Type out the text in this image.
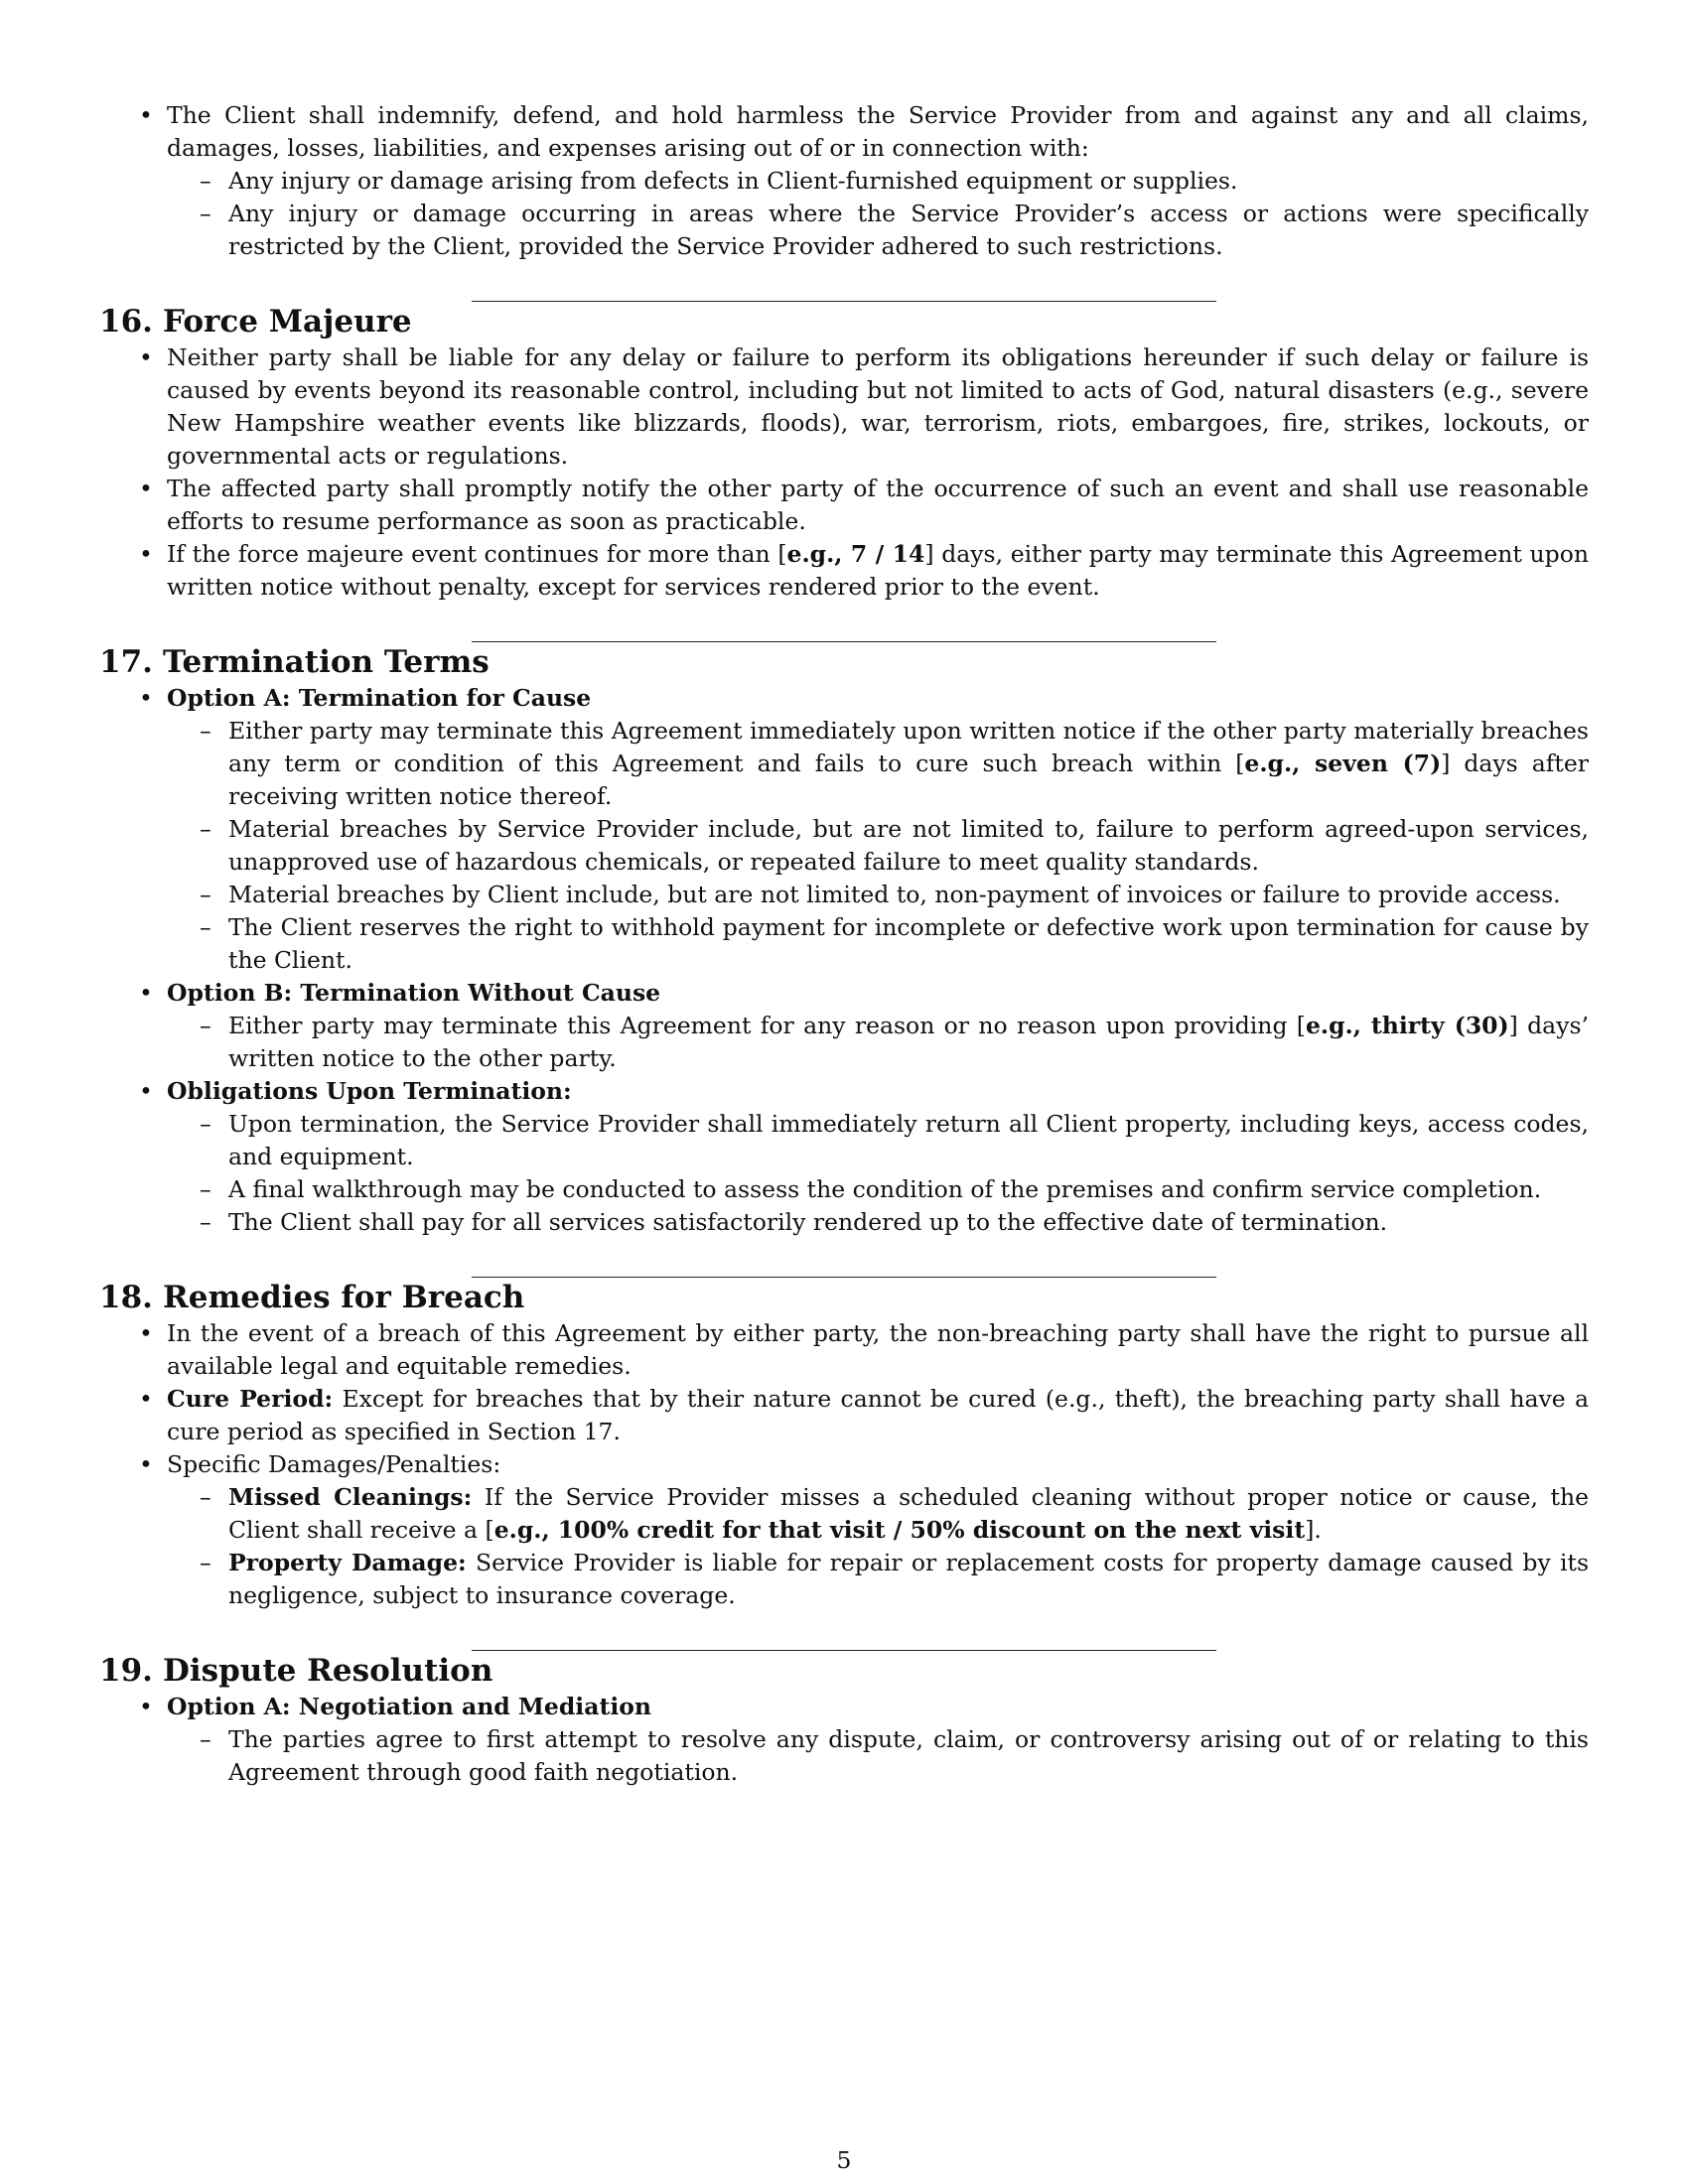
• The Client shall indemnify, defend, and hold harmless the Service Provider from and against any and all claims, damages, losses, liabilities, and expenses arising out of or in connection with:

– Any injury or damage arising from defects in Client-furnished equipment or supplies.

– Any injury or damage occurring in areas where the Service Provider’s access or actions were specifically restricted by the Client, provided the Service Provider adhered to such restrictions.

16. Force Majeure
• Neither party shall be liable for any delay or failure to perform its obligations hereunder if such delay or failure is caused by events beyond its reasonable control, including but not limited to acts of God, natural disasters (e.g., severe New Hampshire weather events like blizzards, floods), war, terrorism, riots, embargoes, fire, strikes, lockouts, or governmental acts or regulations.

• The affected party shall promptly notify the other party of the occurrence of such an event and shall use reasonable efforts to resume performance as soon as practicable.

• If the force majeure event continues for more than [e.g., 7 / 14] days, either party may terminate this Agreement upon written notice without penalty, except for services rendered prior to the event.

17. Termination Terms
• Option A: Termination for Cause

– Either party may terminate this Agreement immediately upon written notice if the other party materially breaches any term or condition of this Agreement and fails to cure such breach within [e.g., seven (7)] days after receiving written notice thereof.

– Material breaches by Service Provider include, but are not limited to, failure to perform agreed-upon services, unapproved use of hazardous chemicals, or repeated failure to meet quality standards.

– Material breaches by Client include, but are not limited to, non-payment of invoices or failure to provide access.

– The Client reserves the right to withhold payment for incomplete or defective work upon termination for cause by the Client.

• Option B: Termination Without Cause

– Either party may terminate this Agreement for any reason or no reason upon providing [e.g., thirty (30)] days’ written notice to the other party.

• Obligations Upon Termination:

– Upon termination, the Service Provider shall immediately return all Client property, including keys, access codes, and equipment.

– A final walkthrough may be conducted to assess the condition of the premises and confirm service completion.

– The Client shall pay for all services satisfactorily rendered up to the effective date of termination.

18. Remedies for Breach
• In the event of a breach of this Agreement by either party, the non-breaching party shall have the right to pursue all available legal and equitable remedies.

• Cure Period: Except for breaches that by their nature cannot be cured (e.g., theft), the breaching party shall have a cure period as specified in Section 17.

• Specific Damages/Penalties:

– Missed Cleanings: If the Service Provider misses a scheduled cleaning without proper notice or cause, the Client shall receive a [e.g., 100% credit for that visit / 50% discount on the next visit].

– Property Damage: Service Provider is liable for repair or replacement costs for property damage caused by its negligence, subject to insurance coverage.

19. Dispute Resolution
• Option A: Negotiation and Mediation

– The parties agree to first attempt to resolve any dispute, claim, or controversy arising out of or relating to this Agreement through good faith negotiation.

5
